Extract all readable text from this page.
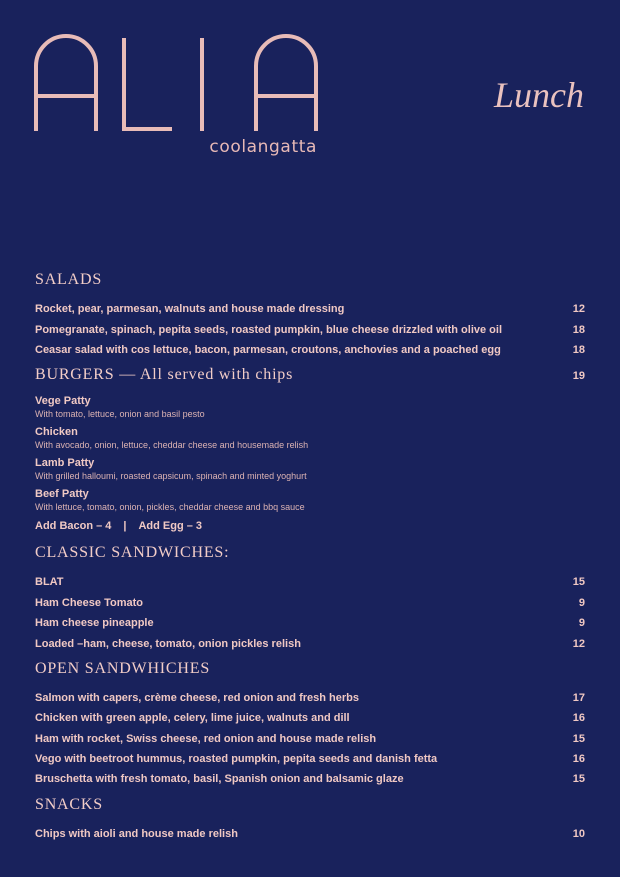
coolangatta
Lunch
SALADS
Rocket, pear, parmesan, walnuts and house made dressing	12
Pomegranate, spinach, pepita seeds, roasted pumpkin, blue cheese drizzled with olive oil	18
Ceasar salad with cos lettuce, bacon, parmesan, croutons, anchovies and a poached egg	18
BURGERS — All served with chips	19
Vege Patty
With tomato, lettuce, onion and basil pesto
Chicken
With avocado, onion, lettuce, cheddar cheese and housemade relish
Lamb Patty
With grilled halloumi, roasted capsicum, spinach and minted yoghurt
Beef Patty
With lettuce, tomato, onion, pickles, cheddar cheese and bbq sauce
Add Bacon – 4 | Add Egg – 3
CLASSIC SANDWICHES:
BLAT	15
Ham Cheese Tomato	9
Ham cheese pineapple	9
Loaded –ham, cheese, tomato, onion pickles relish	12
OPEN SANDWHICHES
Salmon with capers, crème cheese, red onion and fresh herbs	17
Chicken with green apple, celery, lime juice, walnuts and dill	16
Ham with rocket, Swiss cheese, red onion and house made relish	15
Vego with beetroot hummus, roasted pumpkin, pepita seeds and danish fetta	16
Bruschetta with fresh tomato, basil, Spanish onion and balsamic glaze	15
SNACKS
Chips with aioli and house made relish	10
